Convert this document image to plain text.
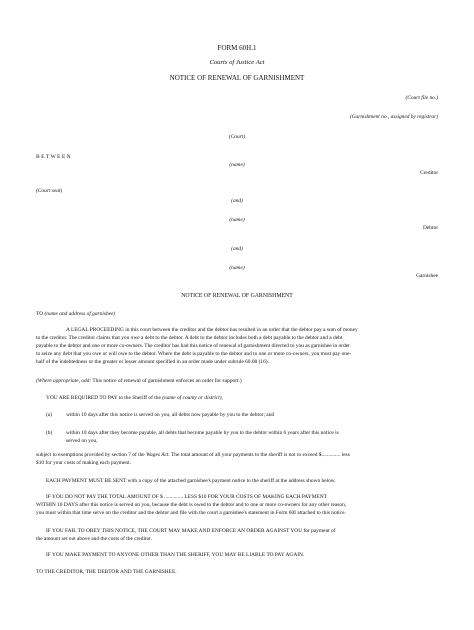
FORM 60H.1
Courts of Justice Act
NOTICE OF RENEWAL OF GARNISHMENT
(Court file no.)
(Garnishment no., assigned by registrar)
(Court)
B E T W E E N
(name)
Creditor
(Court seal)
(and)
(name)
Debtor
(and)
(name)
Garnishee
NOTICE OF RENEWAL OF GARNISHMENT
TO (name and address of garnishee)
A LEGAL PROCEEDING in this court between the creditor and the debtor has resulted in an order that the debtor pay a sum of money
to the creditor. The creditor claims that you owe a debt to the debtor. A debt to the debtor includes both a debt payable to the debtor and a debt
payable to the debtor and one or more co-owners. The creditor has had this notice of renewal of garnishment directed to you as garnishee in order
to seize any debt that you owe or will owe to the debtor. Where the debt is payable to the debtor and to one or more co-owners, you must pay one-
half of the indebtedness or the greater or lesser amount specified in an order made under subrule 60.08 (16).
(Where appropriate, add: This notice of renewal of garnishment enforces an order for support.)
YOU ARE REQUIRED TO PAY to the Sheriff of the (name of county or district),
(a)	within 10 days after this notice is served on you, all debts now payable by you to the debtor; and
(b)	within 10 days after they become payable, all debts that become payable by you to the debtor within 6 years after this notice is
served on you,
subject to exemptions provided by section 7 of the Wages Act. The total amount of all your payments to the sheriff is not to exceed $.............. less
$10 for your costs of making each payment.
EACH PAYMENT MUST BE SENT with a copy of the attached garnishee's payment notice to the sheriff at the address shown below.
IF YOU DO NOT PAY THE TOTAL AMOUNT OF $ .............. LESS $10 FOR YOUR COSTS OF MAKING EACH PAYMENT
WITHIN 10 DAYS after this notice is served on you, because the debt is owed to the debtor and to one or more co-owners for any other reason,
you must within that time serve on the creditor and the debtor and file with the court a garnishee's statement in Form 60I attached to this notice.
IF YOU FAIL TO OBEY THIS NOTICE, THE COURT MAY MAKE AND ENFORCE AN ORDER AGAINST YOU for payment of
the amount set out above and the costs of the creditor.
IF YOU MAKE PAYMENT TO ANYONE OTHER THAN THE SHERIFF, YOU MAY BE LIABLE TO PAY AGAIN.
TO THE CREDITOR, THE DEBTOR AND THE GARNISHEE.
